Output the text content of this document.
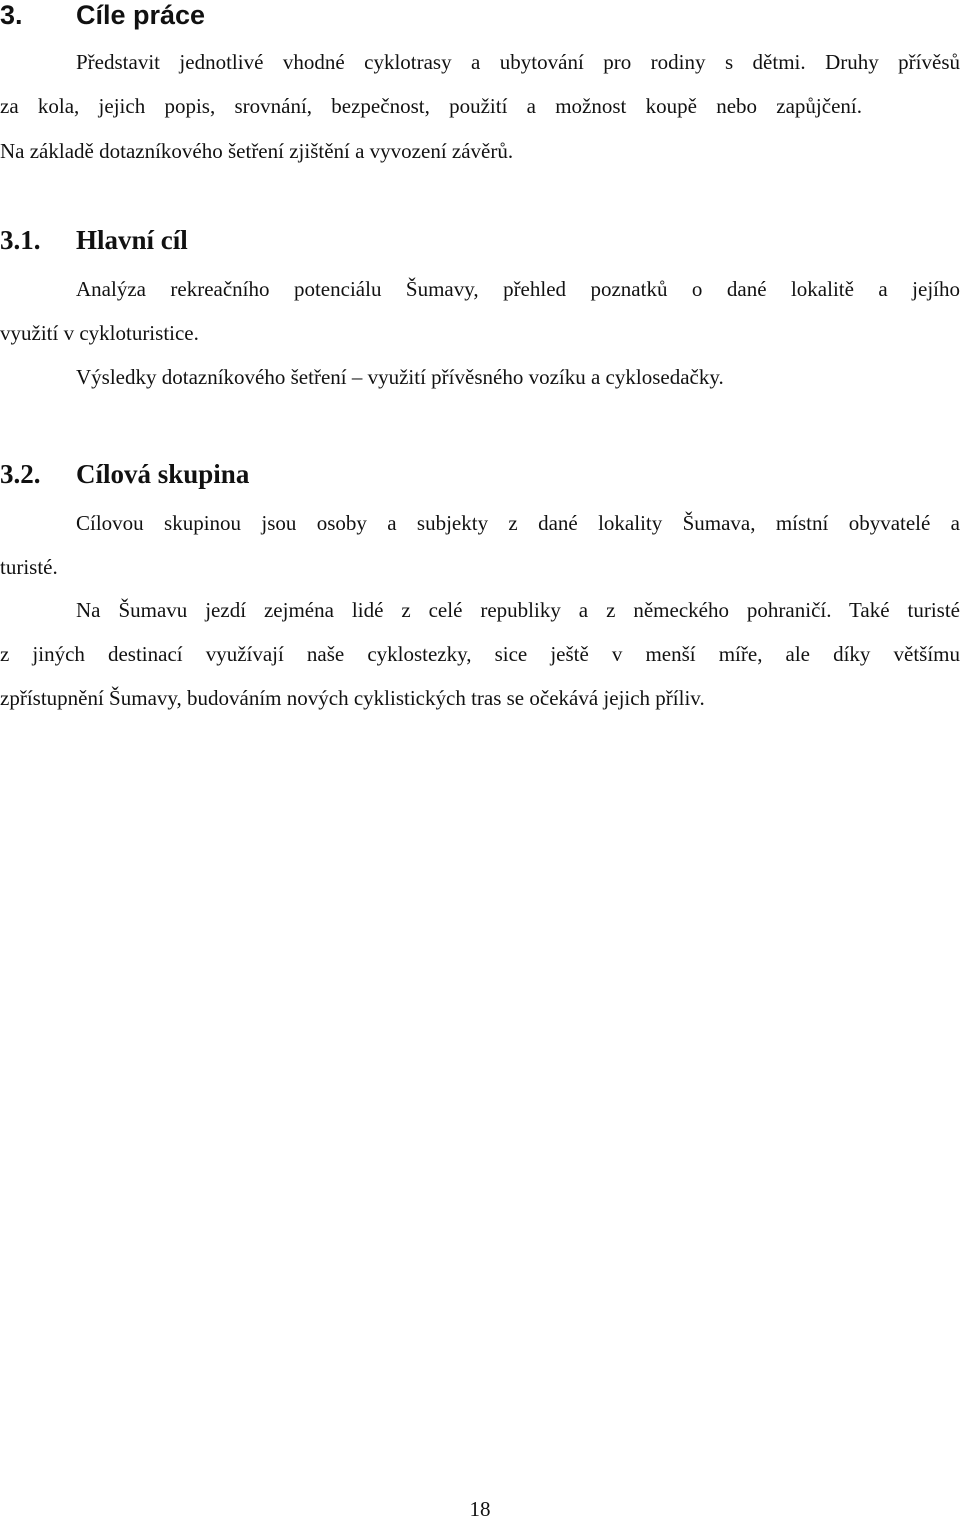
3. Cíle práce
Představit jednotlivé vhodné cyklotrasy a ubytování pro rodiny s dětmi. Druhy přívěsů
za kola, jejich popis, srovnání, bezpečnost, použití a možnost koupě nebo zapůjčení.
Na základě dotazníkového šetření zjištění a vyvození závěrů.
3.1. Hlavní cíl
Analýza rekreačního potenciálu Šumavy, přehled poznatků o dané lokalitě a jejího
využití v cykloturistice.
Výsledky dotazníkového šetření – využití přívěsného vozíku a cyklosedačky.
3.2. Cílová skupina
Cílovou skupinou jsou osoby a subjekty z dané lokality Šumava, místní obyvatelé a
turisté.
Na Šumavu jezdí zejména lidé z celé republiky a z německého pohraničí. Také turisté
z jiných destinací využívají naše cyklostezky, sice ještě v menší míře, ale díky většímu
zpřístupnění Šumavy, budováním nových cyklistických tras se očekává jejich příliv.
18
